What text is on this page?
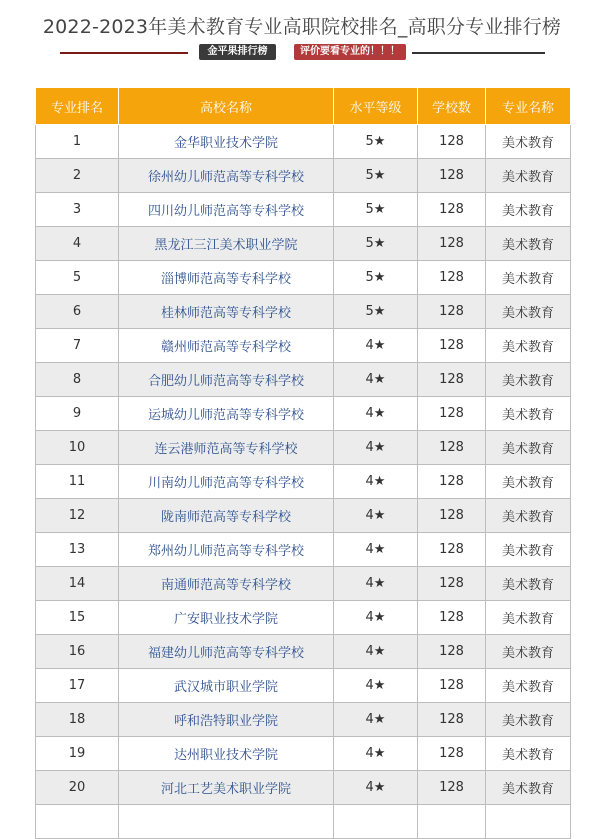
2022-2023年美术教育专业高职院校排名_高职分专业排行榜
金平果排行榜	评价要看专业的！！！
专业排名	高校名称	水平等级	学校数	专业名称
1	金华职业技术学院	5★	128	美术教育
2	徐州幼儿师范高等专科学校	5★	128	美术教育
3	四川幼儿师范高等专科学校	5★	128	美术教育
4	黑龙江三江美术职业学院	5★	128	美术教育
5	淄博师范高等专科学校	5★	128	美术教育
6	桂林师范高等专科学校	5★	128	美术教育
7	赣州师范高等专科学校	4★	128	美术教育
8	合肥幼儿师范高等专科学校	4★	128	美术教育
9	运城幼儿师范高等专科学校	4★	128	美术教育
10	连云港师范高等专科学校	4★	128	美术教育
11	川南幼儿师范高等专科学校	4★	128	美术教育
12	陇南师范高等专科学校	4★	128	美术教育
13	郑州幼儿师范高等专科学校	4★	128	美术教育
14	南通师范高等专科学校	4★	128	美术教育
15	广安职业技术学院	4★	128	美术教育
16	福建幼儿师范高等专科学校	4★	128	美术教育
17	武汉城市职业学院	4★	128	美术教育
18	呼和浩特职业学院	4★	128	美术教育
19	达州职业技术学院	4★	128	美术教育
20	河北工艺美术职业学院	4★	128	美术教育
